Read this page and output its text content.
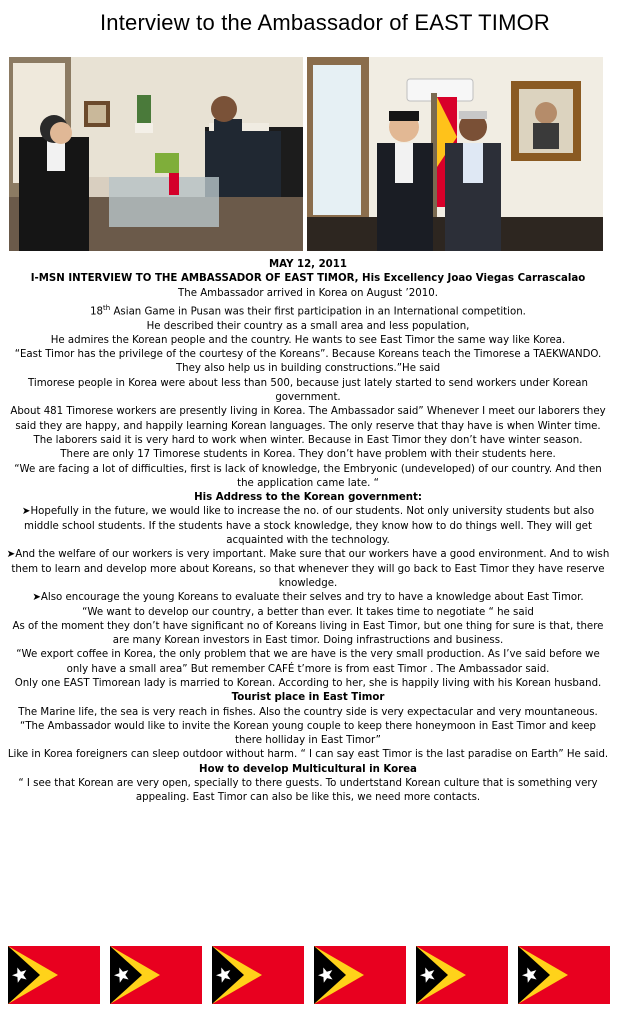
Interview to the Ambassador of EAST TIMOR

MAY 12, 2011

I-MSN INTERVIEW TO THE AMBASSADOR OF EAST TIMOR, His Excellency Joao Viegas Carrascalao

The Ambassador arrived in Korea on August ’2010.

18th Asian Game in Pusan was their first participation in an International competition.

He described their country as a small area and less population,

He admires the Korean people and the country. He wants to see East Timor the same way like Korea.

“East Timor has the privilege of the courtesy of the Koreans”. Because Koreans teach the Timorese a TAEKWANDO. They also help us in building constructions.”He said

Timorese people in Korea were about less than 500, because just lately started to send workers under Korean government.

About 481 Timorese workers are presently living in Korea. The Ambassador said” Whenever I meet our laborers they said they are happy, and happily learning Korean languages. The only reserve that thay have is when Winter time. The laborers said it is very hard to work when winter. Because in East Timor they don’t have winter season.

There are only 17 Timorese students in Korea. They don’t have problem with their students here.

“We are facing a lot of difficulties, first is lack of knowledge, the Embryonic (undeveloped) of our country. And then the application came late. “

His Address to the Korean government:

➤Hopefully in the future, we would like to increase the no. of our students. Not only university students but also middle school students. If the students have a stock knowledge, they know how to do things well. They will get acquainted with the technology.

➤And the welfare of our workers is very important. Make sure that our workers have a good environment. And to wish them to learn and develop more about Koreans, so that whenever they will go back to East Timor they have reserve knowledge.

➤Also encourage the young Koreans to evaluate their selves and try to have a knowledge about East Timor.

“We want to develop our country, a better than ever. It takes time to negotiate “ he said

As of the moment they don’t have significant no of Koreans living in East Timor, but one thing for sure is that, there are many Korean investors in East timor. Doing infrastructions and business.

“We export coffee in Korea, the only problem that we are have is the very small production. As I’ve said before we only have a small area” But remember CAFÉ t’more is from east Timor . The Ambassador said.

Only one EAST Timorean lady is married to Korean. According to her, she is happily living with his Korean husband.

Tourist place in East Timor

The Marine life, the sea is very reach in fishes. Also the country side is very expectacular and very mountaneous.

“The Ambassador would like to invite the Korean young couple to keep there honeymoon in East Timor and keep there holliday in East Timor”

Like in Korea foreigners can sleep outdoor without harm. “ I can say east Timor is the last paradise on Earth” He said.

How to develop Multicultural in Korea

“ I see that Korean are very open, specially to there guests. To undertstand Korean culture that is something very appealing. East Timor can also be like this, we need more contacts.
